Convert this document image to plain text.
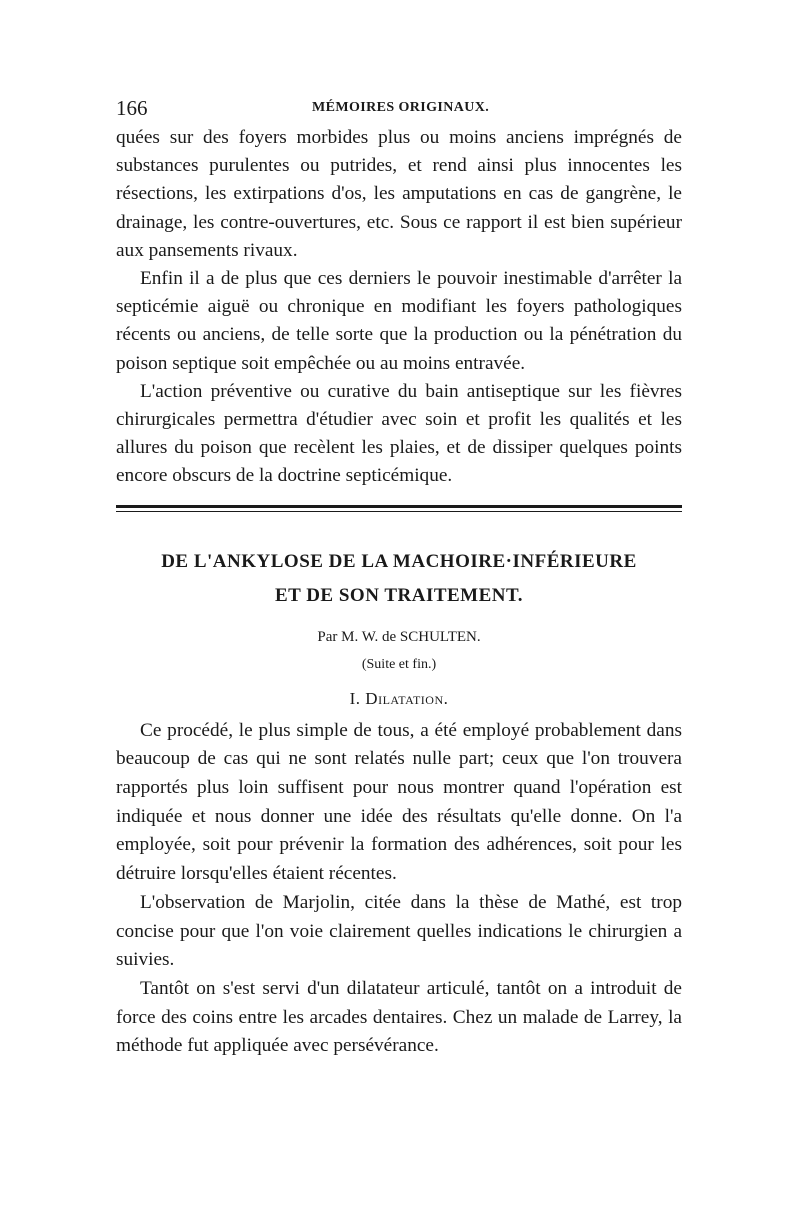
166	MÉMOIRES ORIGINAUX.

quées sur des foyers morbides plus ou moins anciens imprégnés de substances purulentes ou putrides, et rend ainsi plus innocentes les résections, les extirpations d'os, les amputations en cas de gangrène, le drainage, les contre-ouvertures, etc. Sous ce rapport il est bien supérieur aux pansements rivaux.

Enfin il a de plus que ces derniers le pouvoir inestimable d'arrêter la septicémie aiguë ou chronique en modifiant les foyers pathologiques récents ou anciens, de telle sorte que la production ou la pénétration du poison septique soit empêchée ou au moins entravée.

L'action préventive ou curative du bain antiseptique sur les fièvres chirurgicales permettra d'étudier avec soin et profit les qualités et les allures du poison que recèlent les plaies, et de dissiper quelques points encore obscurs de la doctrine septicémique.

DE L'ANKYLOSE DE LA MACHOIRE·INFÉRIEURE
ET DE SON TRAITEMENT.
Par M. W. de SCHULTEN.
(Suite et fin.)
I. Dilatation.

Ce procédé, le plus simple de tous, a été employé probablement dans beaucoup de cas qui ne sont relatés nulle part; ceux que l'on trouvera rapportés plus loin suffisent pour nous montrer quand l'opération est indiquée et nous donner une idée des résultats qu'elle donne. On l'a employée, soit pour prévenir la formation des adhérences, soit pour les détruire lorsqu'elles étaient récentes.

L'observation de Marjolin, citée dans la thèse de Mathé, est trop concise pour que l'on voie clairement quelles indications le chirurgien a suivies.

Tantôt on s'est servi d'un dilatateur articulé, tantôt on a introduit de force des coins entre les arcades dentaires. Chez un malade de Larrey, la méthode fut appliquée avec persévérance.
